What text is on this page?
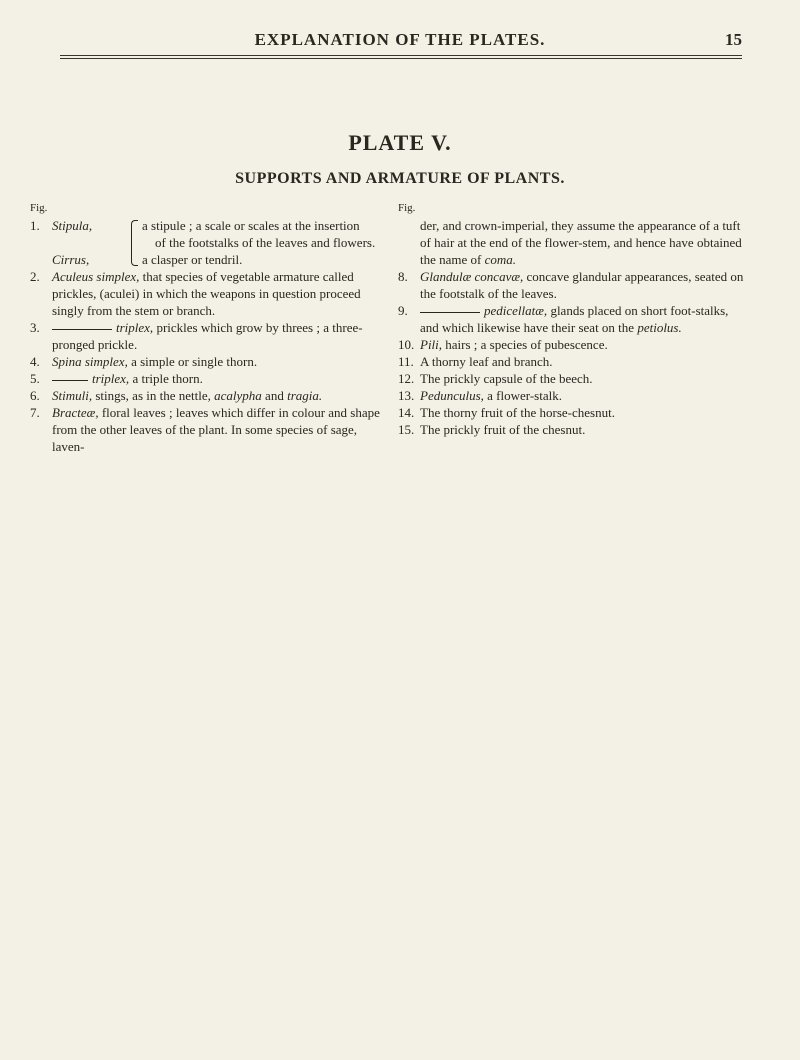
EXPLANATION OF THE PLATES.	15
PLATE V.
SUPPORTS AND ARMATURE OF PLANTS.
Fig.
1. Stipula,	a stipule ; a scale or scales at the insertion

of the footstalks of the leaves and flowers.

Cirrus,	a clasper or tendril.
2. Aculeus simplex, that species of vegetable armature called prickles, (aculei) in which the weapons in question proceed singly from the stem or branch.
3.	triplex, prickles which grow by threes ; a three-pronged prickle.
4. Spina simplex, a simple or single thorn.
5.	triplex, a triple thorn.
6. Stimuli, stings, as in the nettle, acalypha and tragia.
7. Bracteæ, floral leaves ; leaves which differ in colour and shape from the other leaves of the plant. In some species of sage, laven-
Fig.
der, and crown-imperial, they assume the appearance of a tuft of hair at the end of the flower-stem, and hence have obtained the name of coma.
8. Glandulæ concavæ, concave glandular appearances, seated on the footstalk of the leaves.
9.	pedicellatæ, glands placed on short foot-stalks, and which likewise have their seat on the petiolus.
10. Pili, hairs ; a species of pubescence.
11. A thorny leaf and branch.
12. The prickly capsule of the beech.
13. Pedunculus, a flower-stalk.
14. The thorny fruit of the horse-chesnut.
15. The prickly fruit of the chesnut.
